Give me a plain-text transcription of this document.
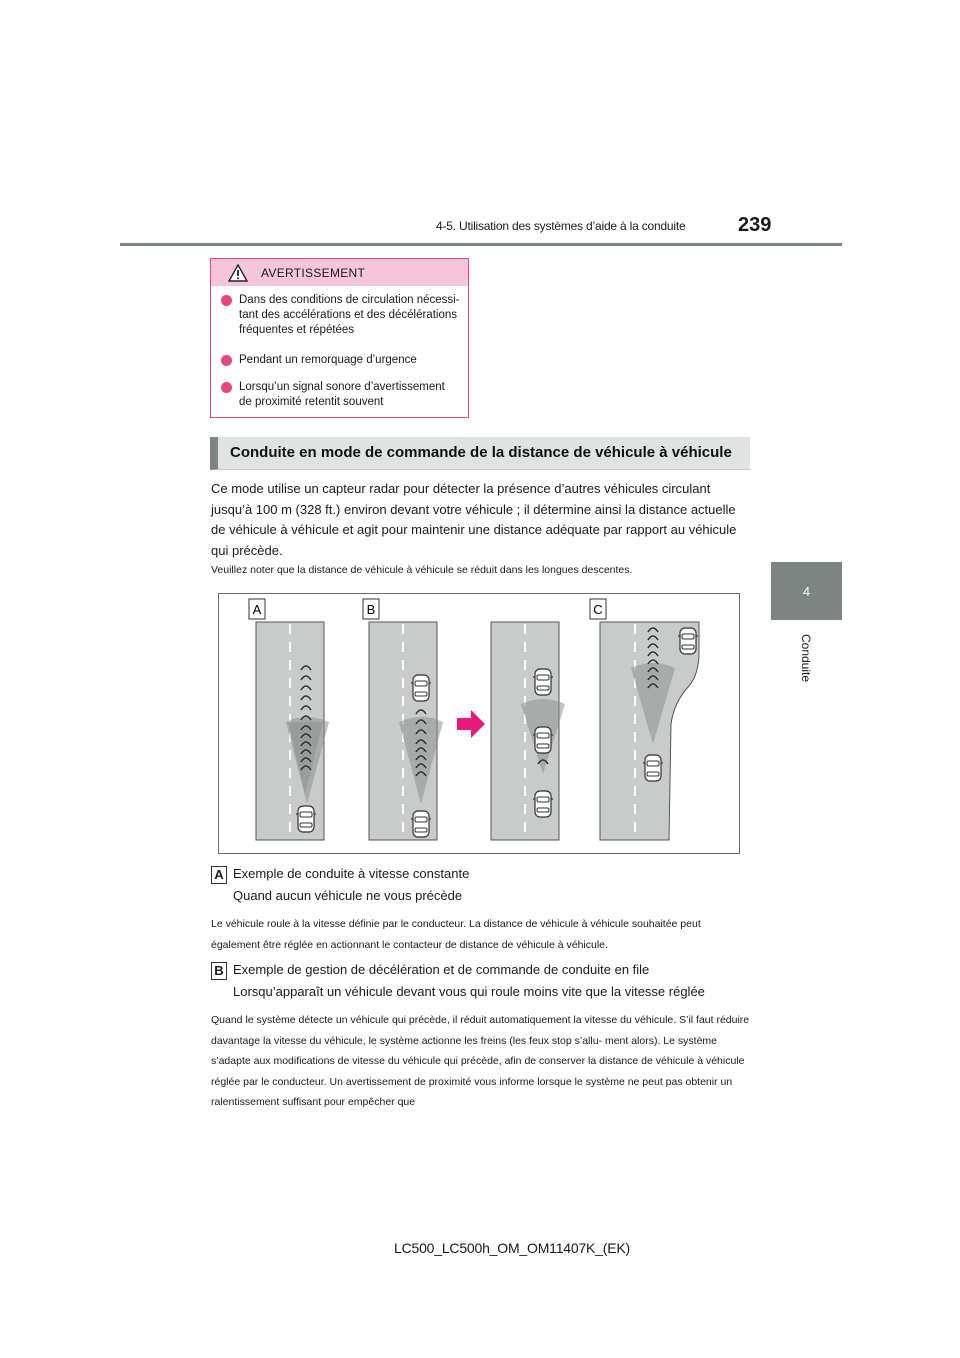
4-5. Utilisation des systèmes d’aide à la conduite	239
4
Conduite
AVERTISSEMENT
Dans des conditions de circulation nécessi-
tant des accélérations et des décélérations
fréquentes et répétées
Pendant un remorquage d’urgence
Lorsqu’un signal sonore d’avertissement
de proximité retentit souvent
Conduite en mode de commande de la distance de véhicule à véhicule
Ce mode utilise un capteur radar pour détecter la présence d’autres véhicules circulant jusqu’à 100 m (328 ft.) environ devant votre véhicule ; il détermine ainsi la distance actuelle de véhicule à véhicule et agit pour maintenir une distance adéquate par rapport au véhicule qui précède.
Veuillez noter que la distance de véhicule à véhicule se réduit dans les longues descentes.
A	B	C
A Exemple de conduite à vitesse constante
Quand aucun véhicule ne vous précède
Le véhicule roule à la vitesse définie par le conducteur. La distance de véhicule à véhicule souhaitée peut également être réglée en actionnant le contacteur de distance de véhicule à véhicule.
B Exemple de gestion de décélération et de commande de conduite en file
Lorsqu’apparaît un véhicule devant vous qui roule moins vite que la vitesse réglée
Quand le système détecte un véhicule qui précède, il réduit automatiquement la vitesse du véhicule. S’il faut réduire davantage la vitesse du véhicule, le système actionne les freins (les feux stop s’allu- ment alors). Le système s’adapte aux modifications de vitesse du véhicule qui précède, afin de conserver la distance de véhicule à véhicule réglée par le conducteur. Un avertissement de proximité vous informe lorsque le système ne peut pas obtenir un ralentissement suffisant pour empêcher que
LC500_LC500h_OM_OM11407K_(EK)
